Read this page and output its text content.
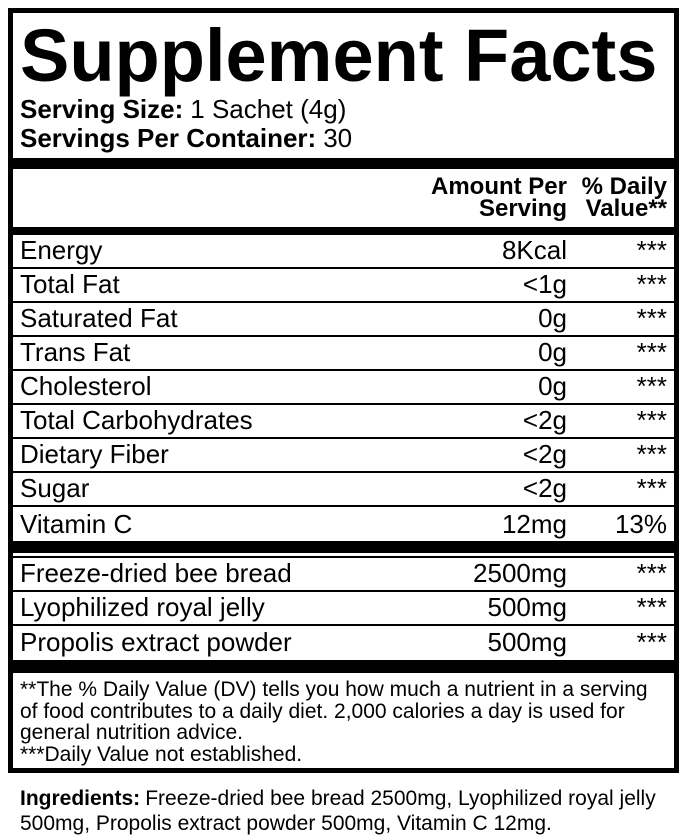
Supplement Facts
Serving Size: 1 Sachet (4g)
Servings Per Container: 30
Amount Per
Serving
% Daily
Value**
Energy	8Kcal	***
Total Fat	<1g	***
Saturated Fat	0g	***
Trans Fat	0g	***
Cholesterol	0g	***
Total Carbohydrates	<2g	***
Dietary Fiber	<2g	***
Sugar	<2g	***
Vitamin C	12mg	13%
Freeze-dried bee bread	2500mg	***
Lyophilized royal jelly	500mg	***
Propolis extract powder	500mg	***
**The % Daily Value (DV) tells you how much a nutrient in a serving of food contributes to a daily diet. 2,000 calories a day is used for general nutrition advice.
***Daily Value not established.
Ingredients: Freeze-dried bee bread 2500mg, Lyophilized royal jelly 500mg, Propolis extract powder 500mg, Vitamin C 12mg.
